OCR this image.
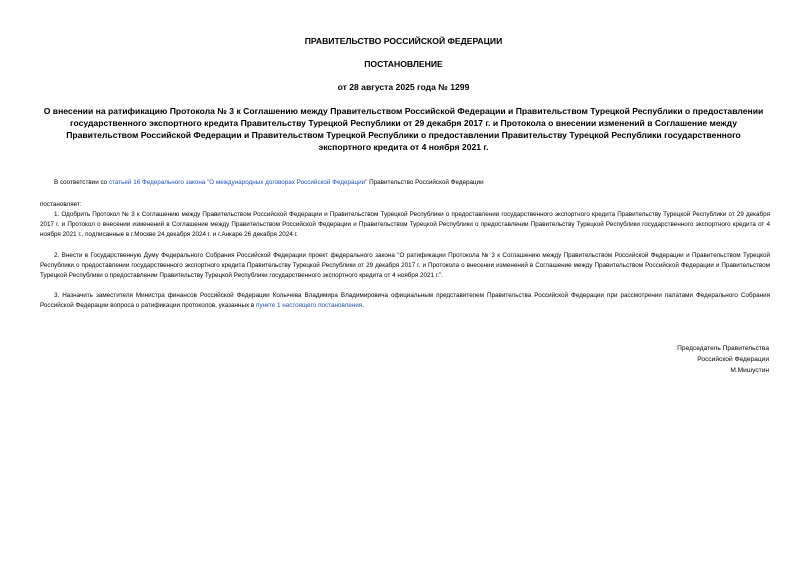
ПРАВИТЕЛЬСТВО РОССИЙСКОЙ ФЕДЕРАЦИИ

ПОСТАНОВЛЕНИЕ

от 28 августа 2025 года № 1299

О внесении на ратификацию Протокола № 3 к Соглашению между Правительством Российской Федерации и Правительством Турецкой Республики о предоставлении государственного экспортного кредита Правительству Турецкой Республики от 29 декабря 2017 г. и Протокола о внесении изменений в Соглашение между Правительством Российской Федерации и Правительством Турецкой Республики о предоставлении Правительству Турецкой Республики государственного экспортного кредита от 4 ноября 2021 г.

В соответствии со статьей 16 Федерального закона "О международных договорах Российской Федерации" Правительство Российской Федерации

постановляет:

1. Одобрить Протокол № 3 к Соглашению между Правительством Российской Федерации и Правительством Турецкой Республики о предоставлении государственного экспортного кредита Правительству Турецкой Республики от 29 декабря 2017 г. и Протокол о внесении изменений в Соглашение между Правительством Российской Федерации и Правительством Турецкой Республики о предоставлении Правительству Турецкой Республики государственного экспортного кредита от 4 ноября 2021 г., подписанные в г.Москве 24 декабря 2024 г. и г.Анкаре 26 декабря 2024 г.

2. Внести в Государственную Думу Федерального Собрания Российской Федерации проект федерального закона "О ратификации Протокола № 3 к Соглашению между Правительством Российской Федерации и Правительством Турецкой Республики о предоставлении государственного экспортного кредита Правительству Турецкой Республики от 29 декабря 2017 г. и Протокола о внесении изменений в Соглашение между Правительством Российской Федерации и Правительством Турецкой Республики о предоставлении Правительству Турецкой Республики государственного экспортного кредита от 4 ноября 2021 г.".

3. Назначить заместителя Министра финансов Российской Федерации Колычева Владимира Владимировича официальным представителем Правительства Российской Федерации при рассмотрении палатами Федерального Собрания Российской Федерации вопроса о ратификации протоколов, указанных в пункте 1 настоящего постановления.

Председатель Правительства

Российской Федерации

М.Мишустин
